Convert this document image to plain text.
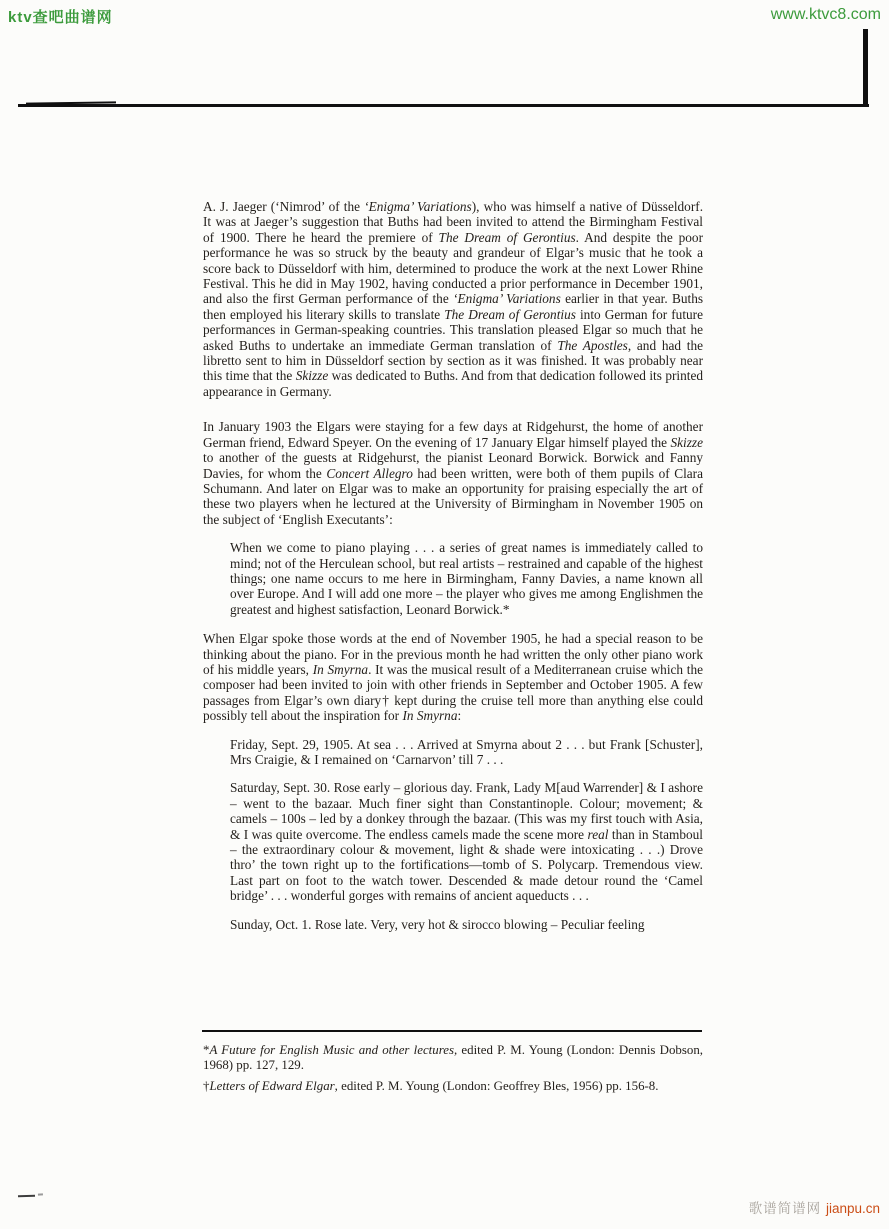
ktv查吧曲谱网	www.ktvc8.com

A. J. Jaeger (‘Nimrod’ of the ‘Enigma’ Variations), who was himself a native of Düsseldorf. It was at Jaeger’s suggestion that Buths had been invited to attend the Birmingham Festival of 1900. There he heard the premiere of The Dream of Gerontius. And despite the poor performance he was so struck by the beauty and grandeur of Elgar’s music that he took a score back to Düsseldorf with him, determined to produce the work at the next Lower Rhine Festival. This he did in May 1902, having conducted a prior performance in December 1901, and also the first German performance of the ‘Enigma’ Variations earlier in that year. Buths then employed his literary skills to translate The Dream of Gerontius into German for future performances in German-speaking countries. This translation pleased Elgar so much that he asked Buths to undertake an immediate German translation of The Apostles, and had the libretto sent to him in Düsseldorf section by section as it was finished. It was probably near this time that the Skizze was dedicated to Buths. And from that dedication followed its printed appearance in Germany.

In January 1903 the Elgars were staying for a few days at Ridgehurst, the home of another German friend, Edward Speyer. On the evening of 17 January Elgar himself played the Skizze to another of the guests at Ridgehurst, the pianist Leonard Borwick. Borwick and Fanny Davies, for whom the Concert Allegro had been written, were both of them pupils of Clara Schumann. And later on Elgar was to make an opportunity for praising especially the art of these two players when he lectured at the University of Birmingham in November 1905 on the subject of ‘English Executants’:

When we come to piano playing . . . a series of great names is immediately called to mind; not of the Herculean school, but real artists – restrained and capable of the highest things; one name occurs to me here in Birmingham, Fanny Davies, a name known all over Europe. And I will add one more – the player who gives me among Englishmen the greatest and highest satisfaction, Leonard Borwick.*

When Elgar spoke those words at the end of November 1905, he had a special reason to be thinking about the piano. For in the previous month he had written the only other piano work of his middle years, In Smyrna. It was the musical result of a Mediterranean cruise which the composer had been invited to join with other friends in September and October 1905. A few passages from Elgar’s own diary† kept during the cruise tell more than anything else could possibly tell about the inspiration for In Smyrna:

Friday, Sept. 29, 1905. At sea . . . Arrived at Smyrna about 2 . . . but Frank [Schuster], Mrs Craigie, & I remained on ‘Carnarvon’ till 7 . . .

Saturday, Sept. 30. Rose early – glorious day. Frank, Lady M[aud Warrender] & I ashore – went to the bazaar. Much finer sight than Constantinople. Colour; movement; & camels – 100s – led by a donkey through the bazaar. (This was my first touch with Asia, & I was quite overcome. The endless camels made the scene more real than in Stamboul – the extraordinary colour & movement, light & shade were intoxicating . . .) Drove thro’ the town right up to the fortifications—tomb of S. Polycarp. Tremendous view. Last part on foot to the watch tower. Descended & made detour round the ‘Camel bridge’ . . . wonderful gorges with remains of ancient aqueducts . . .

Sunday, Oct. 1. Rose late. Very, very hot & sirocco blowing – Peculiar feeling

*A Future for English Music and other lectures, edited P. M. Young (London: Dennis Dobson, 1968) pp. 127, 129.

†Letters of Edward Elgar, edited P. M. Young (London: Geoffrey Bles, 1956) pp. 156-8.

歌谱简谱网 jianpu.cn
